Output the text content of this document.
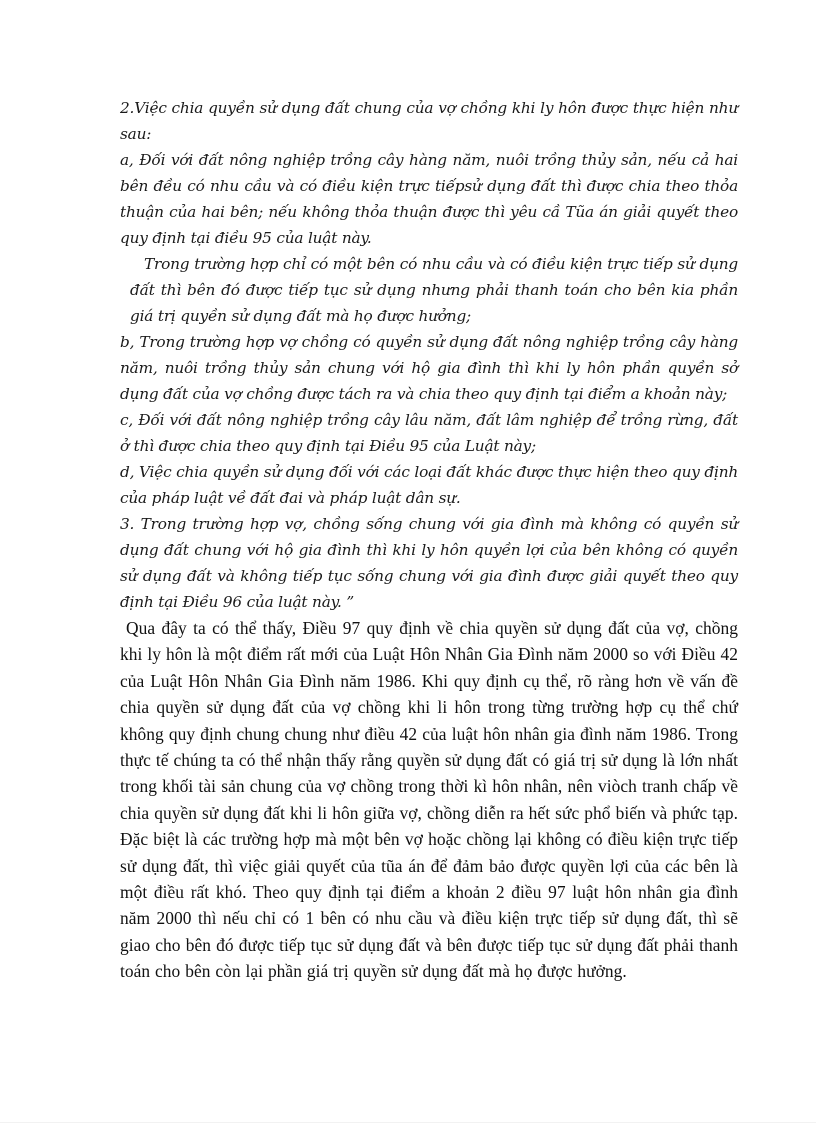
2.Việc chia quyền sử dụng đất chung của vợ chồng khi ly hôn được thực hiện như sau:

a, Đối với đất nông nghiệp trồng cây hàng năm, nuôi trồng thủy sản, nếu cả hai bên đều có nhu cầu và có điều kiện trực tiếpsử dụng đất thì được chia theo thỏa thuận của hai bên; nếu không thỏa thuận được thì yêu cầ Tũa án giải quyết theo quy định tại điều 95 của luật này.

Trong trường hợp chỉ có một bên có nhu cầu và có điều kiện trực tiếp sử dụng đất thì bên đó được tiếp tục sử dụng nhưng phải thanh toán cho bên kia phần giá trị quyền sử dụng đất mà họ được hưởng;

b, Trong trường hợp vợ chồng có quyền sử dụng đất nông nghiệp trồng cây hàng năm, nuôi trồng thủy sản chung với hộ gia đình thì khi ly hôn phần quyền sở dụng đất của vợ chồng được tách ra và chia theo quy định tại điểm a khoản này;

c, Đối với đất nông nghiệp trồng cây lâu năm, đất lâm nghiệp để trồng rừng, đất ở thì được chia theo quy định tại Điều 95 của Luật này;

d, Việc chia quyền sử dụng đối với các loại đất khác được thực hiện theo quy định của pháp luật về đất đai và pháp luật dân sự.

3. Trong trường hợp vợ, chồng sống chung với gia đình mà không có quyền sử dụng đất chung với hộ gia đình thì khi ly hôn quyền lợi của bên không có quyền sử dụng đất và không tiếp tục sống chung với gia đình được giải quyết theo quy định tại Điều 96 của luật này. ”

Qua đây ta có thể thấy, Điều 97 quy định về chia quyền sử dụng đất của vợ, chồng khi ly hôn là một điểm rất mới của Luật Hôn Nhân Gia Đình năm 2000 so với Điều 42 của Luật Hôn Nhân Gia Đình năm 1986. Khi quy định cụ thể, rõ ràng hơn về vấn đề chia quyền sử dụng đất của vợ chồng khi li hôn trong từng trường hợp cụ thể chứ không quy định chung chung như điều 42 của luật hôn nhân gia đình năm 1986. Trong thực tế chúng ta có thể nhận thấy rằng quyền sử dụng đất có giá trị sử dụng là lớn nhất trong khối tài sản chung của vợ chồng trong thời kì hôn nhân, nên viòch tranh chấp về chia quyền sử dụng đất khi li hôn giữa vợ, chồng diễn ra hết sức phổ biến và phức tạp. Đặc biệt là các trường hợp mà một bên vợ hoặc chồng lại không có điều kiện trực tiếp sử dụng đất, thì việc giải quyết của tũa án để đảm bảo được quyền lợi của các bên là một điều rất khó. Theo quy định tại điểm a khoản 2 điều 97 luật hôn nhân gia đình năm 2000 thì nếu chỉ có 1 bên có nhu cầu và điều kiện trực tiếp sử dụng đất, thì sẽ giao cho bên đó được tiếp tục sử dụng đất và bên được tiếp tục sử dụng đất phải thanh toán cho bên còn lại phần giá trị quyền sử dụng đất mà họ được hưởng.
